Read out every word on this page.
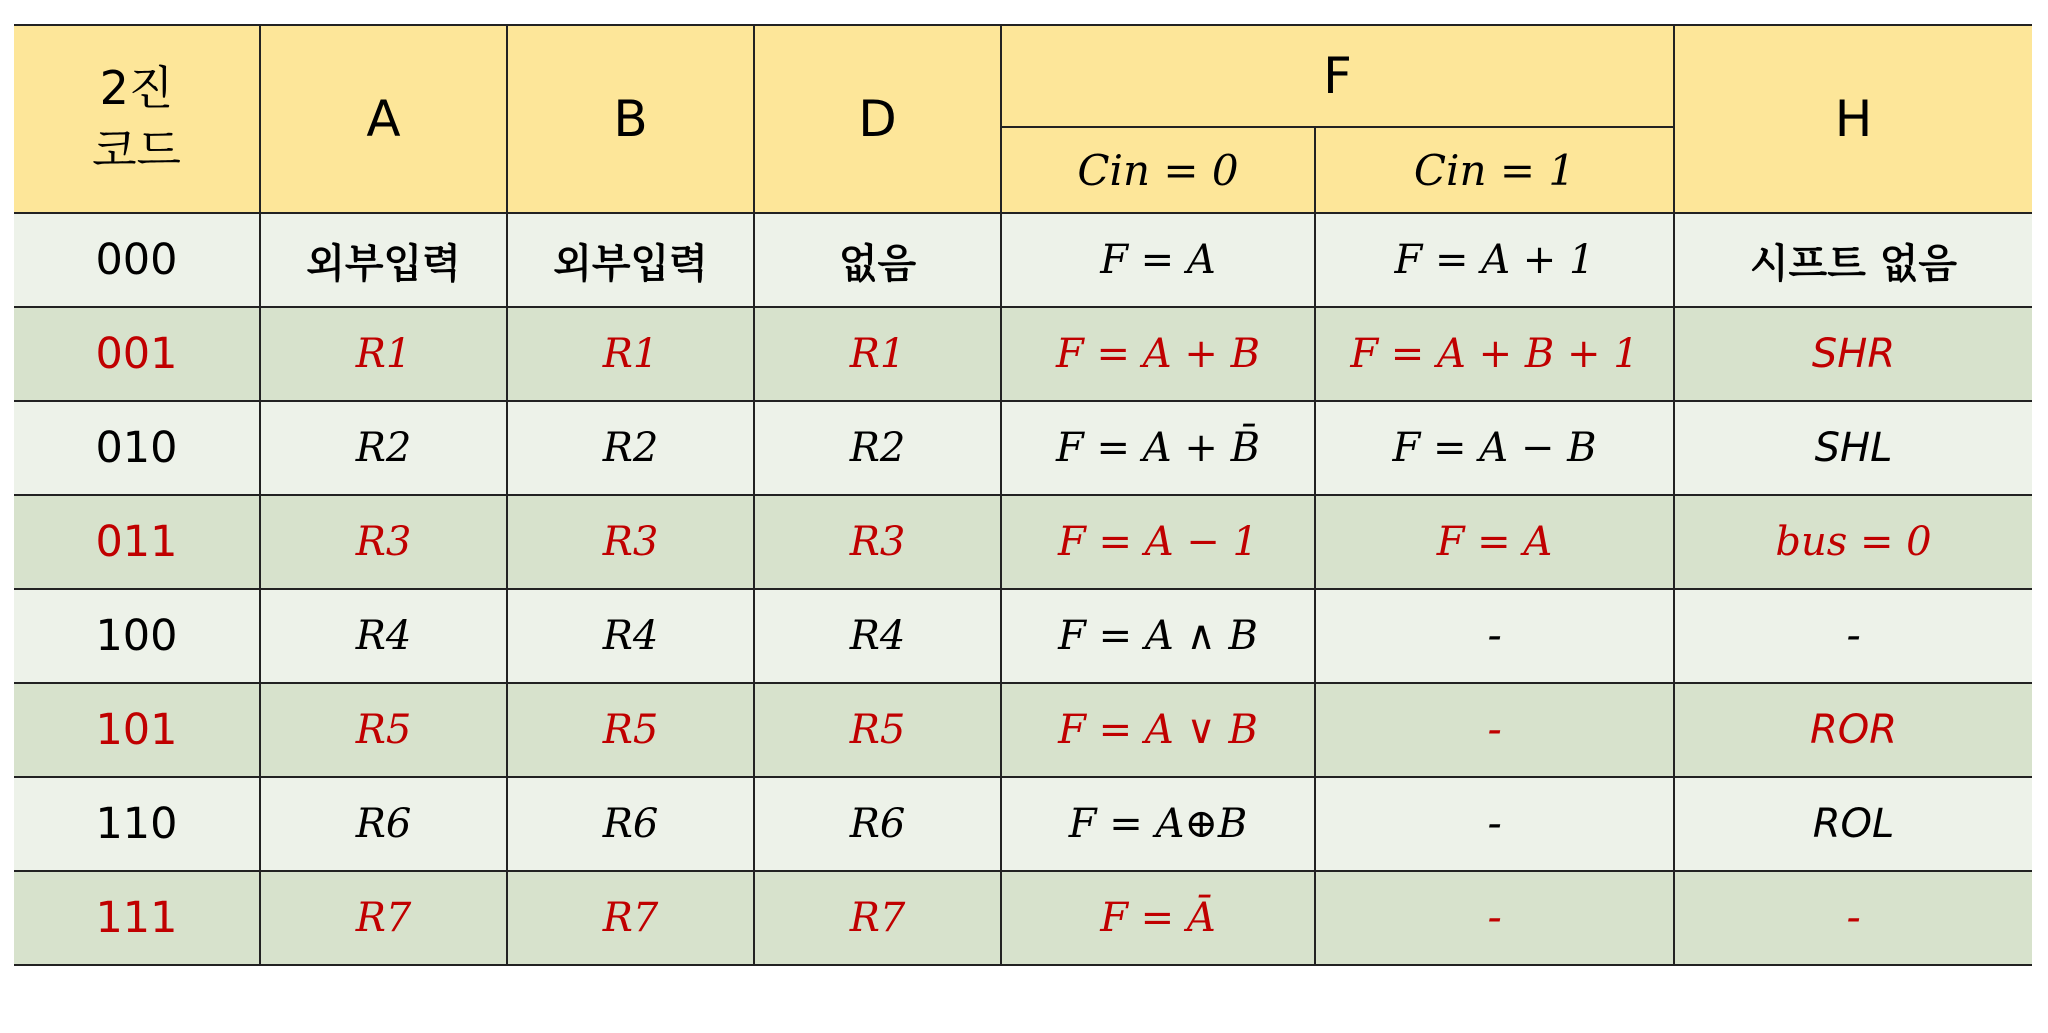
2진
코드	A	B	D	F		H
				Cin = 0	Cin = 1	
000	외부입력	외부입력	없음	F = A	F = A + 1	시프트 없음
001	R1	R1	R1	F = A + B	F = A + B + 1	SHR
010	R2	R2	R2	F = A + B̄	F = A − B	SHL
011	R3	R3	R3	F = A − 1	F = A	bus = 0
100	R4	R4	R4	F = A ∧ B	-	-
101	R5	R5	R5	F = A ∨ B	-	ROR
110	R6	R6	R6	F = A⊕B	-	ROL
111	R7	R7	R7	F = Ā	-	-
